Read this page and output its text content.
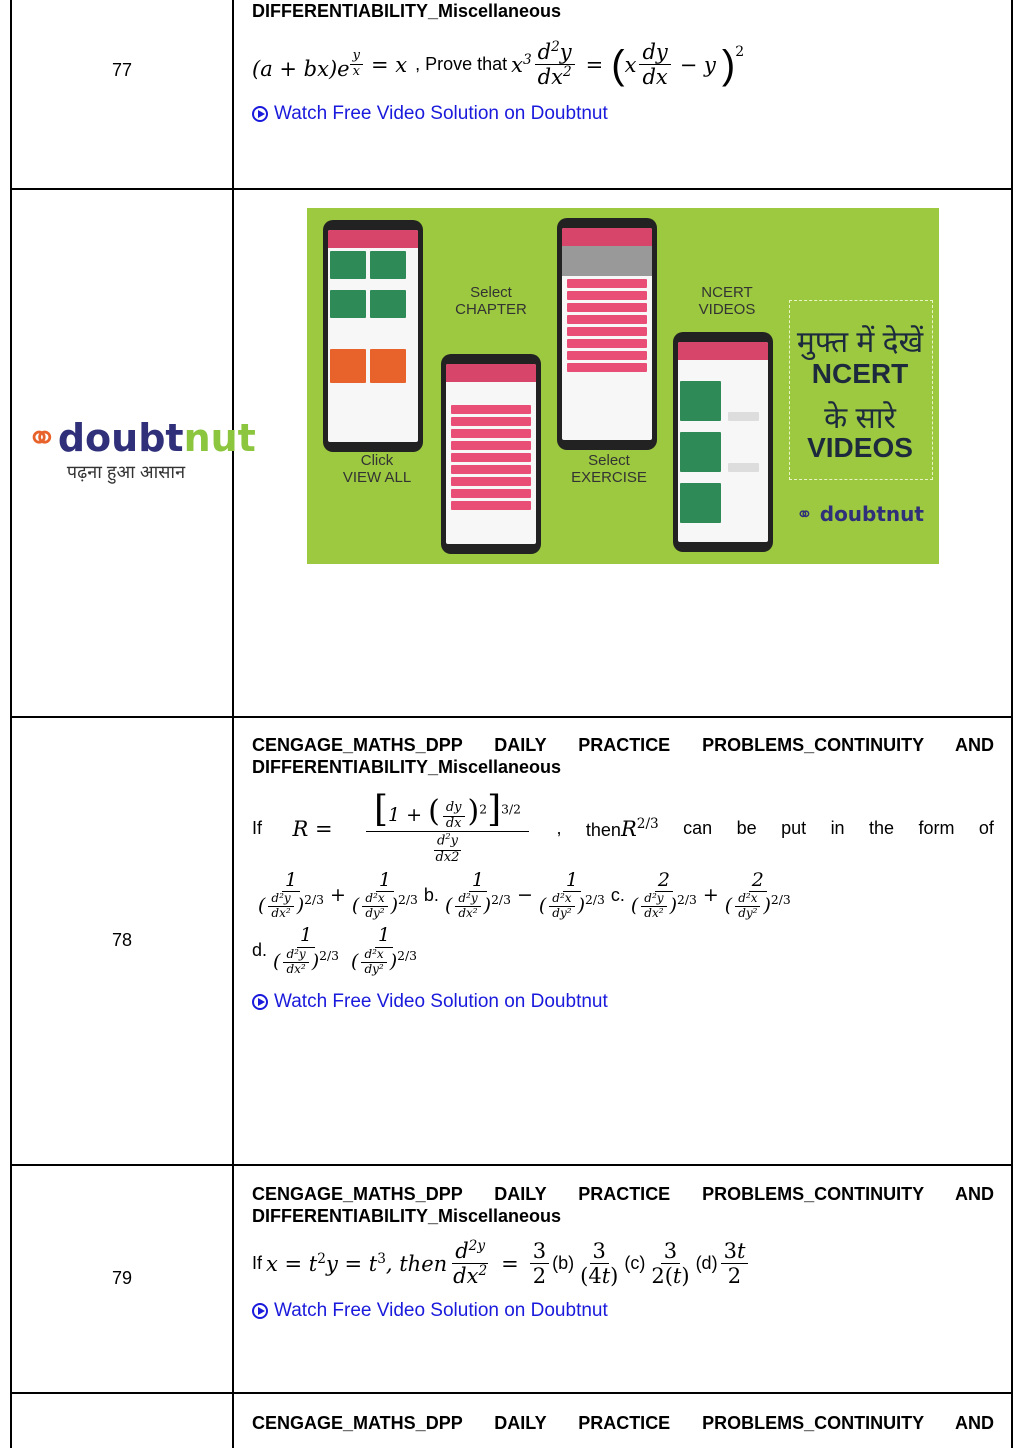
77
DIFFERENTIABILITY_Miscellaneous
(a + bx)e $^{\frac{y}{x}}$ = x , Prove that $x^3 \frac{d^2y}{dx^2}$ = ( x $\frac{dy}{dx} - y$ ) 2
Watch Free Video Solution on Doubtnut
⚭doubtnut
पढ़ना हुआ आसान

Click
VIEW ALL
Select
CHAPTER
Select
EXERCISE

NCERT
VIDEOS
मुफ्त में देखें
NCERT
के सारे
VIDEOS
⚭ doubtnut
78
CENGAGE_MATHS_DPP DAILY PRACTICE PROBLEMS_CONTINUITY AND DIFFERENTIABILITY_Miscellaneous
If $R = \frac{[1 + ( \frac{dy}{dx} )^2]^{3/2}}{\frac{d^2y}{dx2}}$ , thenR$^{2/3}$ can be put in the form of
$\frac{1}{( \frac{\text{d²y}}{\text{dx²}} )^{2/3}} + \frac{1}{( \frac{\text{d²x}}{\text{dy²}} )^{2/3}} b$. $\frac{1}{( \frac{\text{d²y}}{\text{dx²}} )^{2/3}} - \frac{1}{( \frac{\text{d²x}}{\text{dy²}} )^{2/3}} c$. $\frac{2}{( \frac{\text{d²y}}{\text{dx²}} )^{2/3}} + \frac{2}{( \frac{\text{d²x}}{\text{dy²}} )^{2/3}}$
d. $\frac{1}{( \frac{\text{d²y}}{\text{dx²}} )^{2/3}} \frac{1}{( \frac{\text{d²x}}{\text{dy²}} )^{2/3}}$
Watch Free Video Solution on Doubtnut
79
CENGAGE_MATHS_DPP DAILY PRACTICE PROBLEMS_CONTINUITY AND DIFFERENTIABILITY_Miscellaneous
If $x = t^2y = t^3$, then $\frac{d^{2y}}{dx^2} = \frac{3}{2} (b) \frac{3}{(4t)} (c) \frac{3}{2(t)} (d) \frac{3t}{2}$
Watch Free Video Solution on Doubtnut
CENGAGE_MATHS_DPP DAILY PRACTICE PROBLEMS_CONTINUITY AND
